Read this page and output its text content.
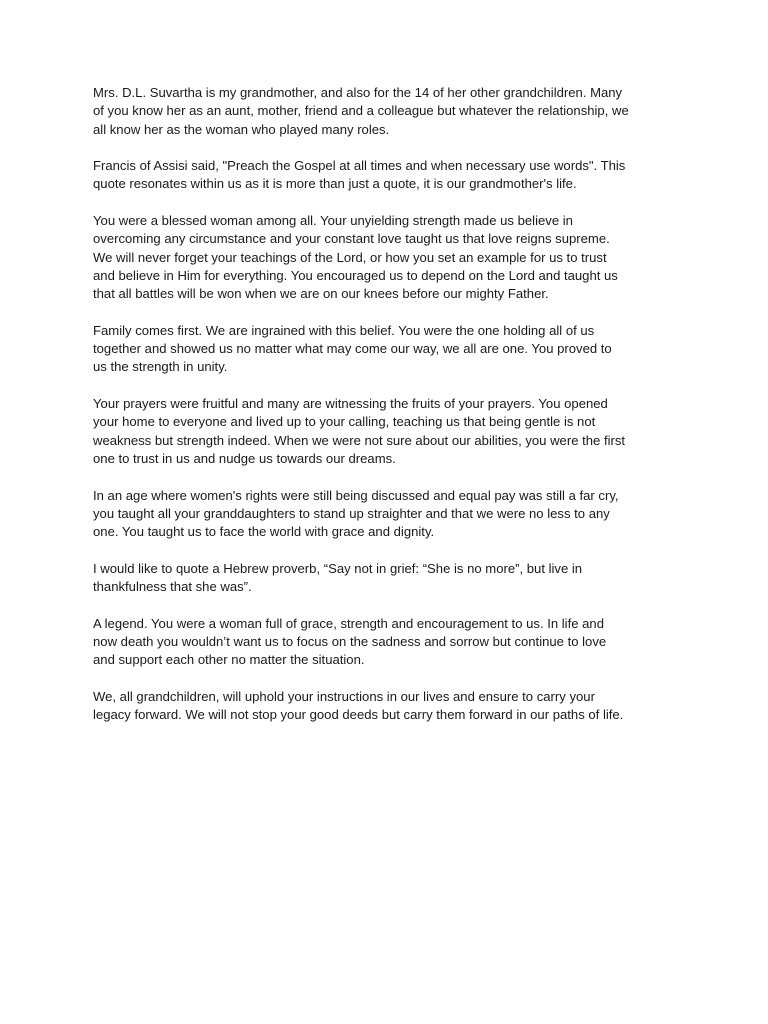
Mrs. D.L. Suvartha is my grandmother, and also for the 14 of her other grandchildren. Many
of you know her as an aunt, mother, friend and a colleague but whatever the relationship, we
all know her as the woman who played many roles.

Francis of Assisi said, "Preach the Gospel at all times and when necessary use words". This
quote resonates within us as it is more than just a quote, it is our grandmother's life.

You were a blessed woman among all. Your unyielding strength made us believe in
overcoming any circumstance and your constant love taught us that love reigns supreme.
We will never forget your teachings of the Lord, or how you set an example for us to trust
and believe in Him for everything. You encouraged us to depend on the Lord and taught us
that all battles will be won when we are on our knees before our mighty Father.

Family comes first. We are ingrained with this belief. You were the one holding all of us
together and showed us no matter what may come our way, we all are one. You proved to
us the strength in unity.

Your prayers were fruitful and many are witnessing the fruits of your prayers. You opened
your home to everyone and lived up to your calling, teaching us that being gentle is not
weakness but strength indeed. When we were not sure about our abilities, you were the first
one to trust in us and nudge us towards our dreams.

In an age where women's rights were still being discussed and equal pay was still a far cry,
you taught all your granddaughters to stand up straighter and that we were no less to any
one. You taught us to face the world with grace and dignity.

I would like to quote a Hebrew proverb, “Say not in grief: “She is no more”, but live in
thankfulness that she was”.

A legend. You were a woman full of grace, strength and encouragement to us. In life and
now death you wouldn’t want us to focus on the sadness and sorrow but continue to love
and support each other no matter the situation.

We, all grandchildren, will uphold your instructions in our lives and ensure to carry your
legacy forward. We will not stop your good deeds but carry them forward in our paths of life.
